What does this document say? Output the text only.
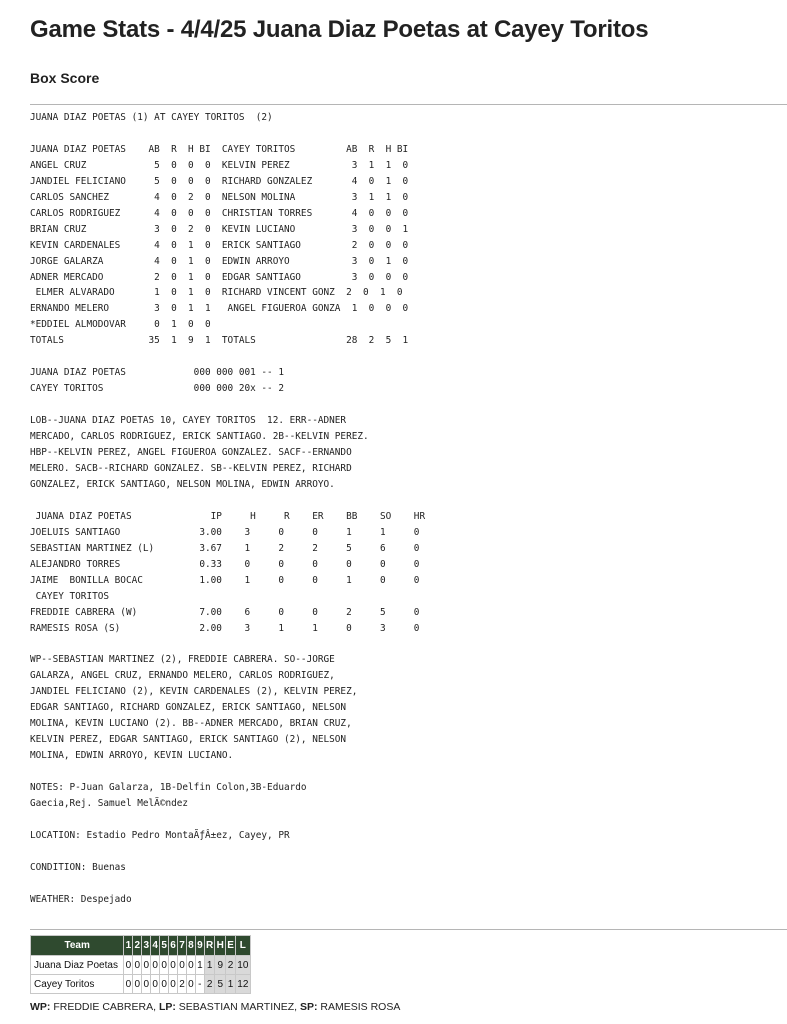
Game Stats - 4/4/25 Juana Diaz Poetas at Cayey Toritos
Box Score
JUANA DIAZ POETAS (1) AT CAYEY TORITOS  (2)

JUANA DIAZ POETAS    AB  R  H BI  CAYEY TORITOS         AB  R  H BI
ANGEL CRUZ            5  0  0  0  KELVIN PEREZ           3  1  1  0
JANDIEL FELICIANO     5  0  0  0  RICHARD GONZALEZ       4  0  1  0
CARLOS SANCHEZ        4  0  2  0  NELSON MOLINA          3  1  1  0
CARLOS RODRIGUEZ      4  0  0  0  CHRISTIAN TORRES       4  0  0  0
BRIAN CRUZ            3  0  2  0  KEVIN LUCIANO          3  0  0  1
KEVIN CARDENALES      4  0  1  0  ERICK SANTIAGO         2  0  0  0
JORGE GALARZA         4  0  1  0  EDWIN ARROYO           3  0  1  0
ADNER MERCADO         2  0  1  0  EDGAR SANTIAGO         3  0  0  0
ELMER ALVARADO       1  0  1  0  RICHARD VINCENT GONZ  2  0  1  0
ERNANDO MELERO        3  0  1  1   ANGEL FIGUEROA GONZA  1  0  0  0
*EDDIEL ALMODOVAR     0  1  0  0
TOTALS               35  1  9  1  TOTALS                28  2  5  1

JUANA DIAZ POETAS            000 000 001 -- 1
CAYEY TORITOS                000 000 20x -- 2

LOB--JUANA DIAZ POETAS 10, CAYEY TORITOS  12. ERR--ADNER
MERCADO, CARLOS RODRIGUEZ, ERICK SANTIAGO. 2B--KELVIN PEREZ.
HBP--KELVIN PEREZ, ANGEL FIGUEROA GONZALEZ. SACF--ERNANDO
MELERO. SACB--RICHARD GONZALEZ. SB--KELVIN PEREZ, RICHARD
GONZALEZ, ERICK SANTIAGO, NELSON MOLINA, EDWIN ARROYO.

JUANA DIAZ POETAS              IP     H     R    ER    BB    SO    HR
JOELUIS SANTIAGO              3.00    3     0     0     1     1     0
SEBASTIAN MARTINEZ (L)        3.67    1     2     2     5     6     0
ALEJANDRO TORRES              0.33    0     0     0     0     0     0
JAIME  BONILLA BOCAC          1.00    1     0     0     1     0     0
CAYEY TORITOS
FREDDIE CABRERA (W)           7.00    6     0     0     2     5     0
RAMESIS ROSA (S)              2.00    3     1     1     0     3     0

WP--SEBASTIAN MARTINEZ (2), FREDDIE CABRERA. SO--JORGE
GALARZA, ANGEL CRUZ, ERNANDO MELERO, CARLOS RODRIGUEZ,
JANDIEL FELICIANO (2), KEVIN CARDENALES (2), KELVIN PEREZ,
EDGAR SANTIAGO, RICHARD GONZALEZ, ERICK SANTIAGO, NELSON
MOLINA, KEVIN LUCIANO (2). BB--ADNER MERCADO, BRIAN CRUZ,
KELVIN PEREZ, EDGAR SANTIAGO, ERICK SANTIAGO (2), NELSON
MOLINA, EDWIN ARROYO, KEVIN LUCIANO.

NOTES: P-Juan Galarza, 1B-Delfin Colon,3B-Eduardo
Gaecia,Rej. Samuel MelÃ©ndez

LOCATION: Estadio Pedro MontaÃƒÂ±ez, Cayey, PR

CONDITION: Buenas

WEATHER: Despejado
Team	1	2	3	4	5	6	7	8	9	R	H	E	L
Juana Diaz Poetas	0	0	0	0	0	0	0	0	1	1	9	2	10
Cayey Toritos	0	0	0	0	0	0	2	0	-	2	5	1	12
WP: FREDDIE CABRERA, LP: SEBASTIAN MARTINEZ, SP: RAMESIS ROSA
